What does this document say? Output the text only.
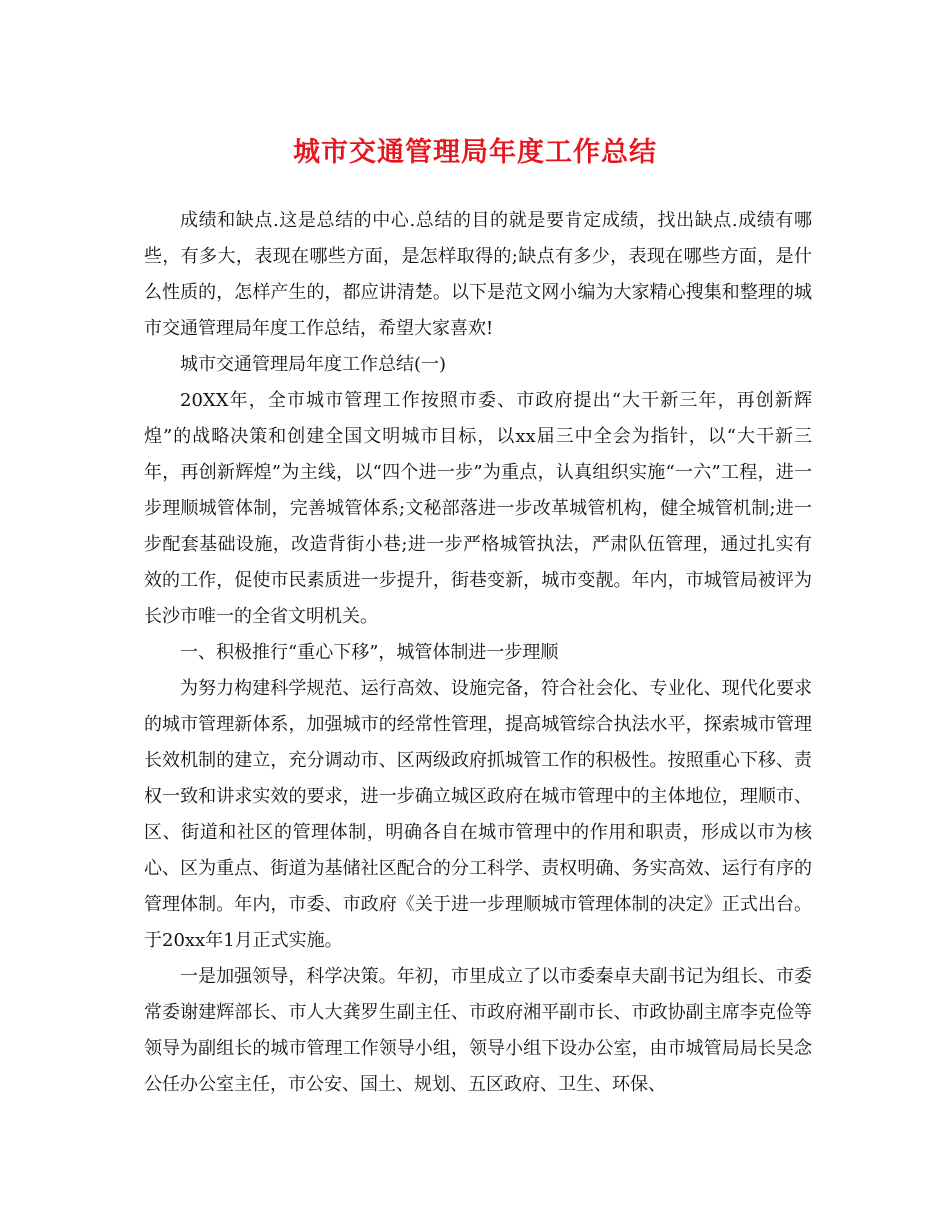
城市交通管理局年度工作总结

成绩和缺点.这是总结的中心.总结的目的就是要肯定成绩，找出缺点.成绩有哪些，有多大，表现在哪些方面，是怎样取得的;缺点有多少，表现在哪些方面，是什么性质的，怎样产生的，都应讲清楚。以下是范文网小编为大家精心搜集和整理的城市交通管理局年度工作总结，希望大家喜欢!

城市交通管理局年度工作总结(一)

20XX年，全市城市管理工作按照市委、市政府提出“大干新三年，再创新辉煌”的战略决策和创建全国文明城市目标，以xx届三中全会为指针，以“大干新三年，再创新辉煌”为主线，以“四个进一步”为重点，认真组织实施“一六”工程，进一步理顺城管体制，完善城管体系;文秘部落进一步改革城管机构，健全城管机制;进一步配套基础设施，改造背街小巷;进一步严格城管执法，严肃队伍管理，通过扎实有效的工作，促使市民素质进一步提升，街巷变新，城市变靓。年内，市城管局被评为长沙市唯一的全省文明机关。

一、积极推行“重心下移”，城管体制进一步理顺

为努力构建科学规范、运行高效、设施完备，符合社会化、专业化、现代化要求的城市管理新体系，加强城市的经常性管理，提高城管综合执法水平，探索城市管理长效机制的建立，充分调动市、区两级政府抓城管工作的积极性。按照重心下移、责权一致和讲求实效的要求，进一步确立城区政府在城市管理中的主体地位，理顺市、区、街道和社区的管理体制，明确各自在城市管理中的作用和职责，形成以市为核心、区为重点、街道为基储社区配合的分工科学、责权明确、务实高效、运行有序的管理体制。年内，市委、市政府《关于进一步理顺城市管理体制的决定》正式出台。于20xx年1月正式实施。

一是加强领导，科学决策。年初，市里成立了以市委秦卓夫副书记为组长、市委常委谢建辉部长、市人大龚罗生副主任、市政府湘平副市长、市政协副主席李克俭等领导为副组长的城市管理工作领导小组，领导小组下设办公室，由市城管局局长吴念公任办公室主任，市公安、国土、规划、五区政府、卫生、环保、
